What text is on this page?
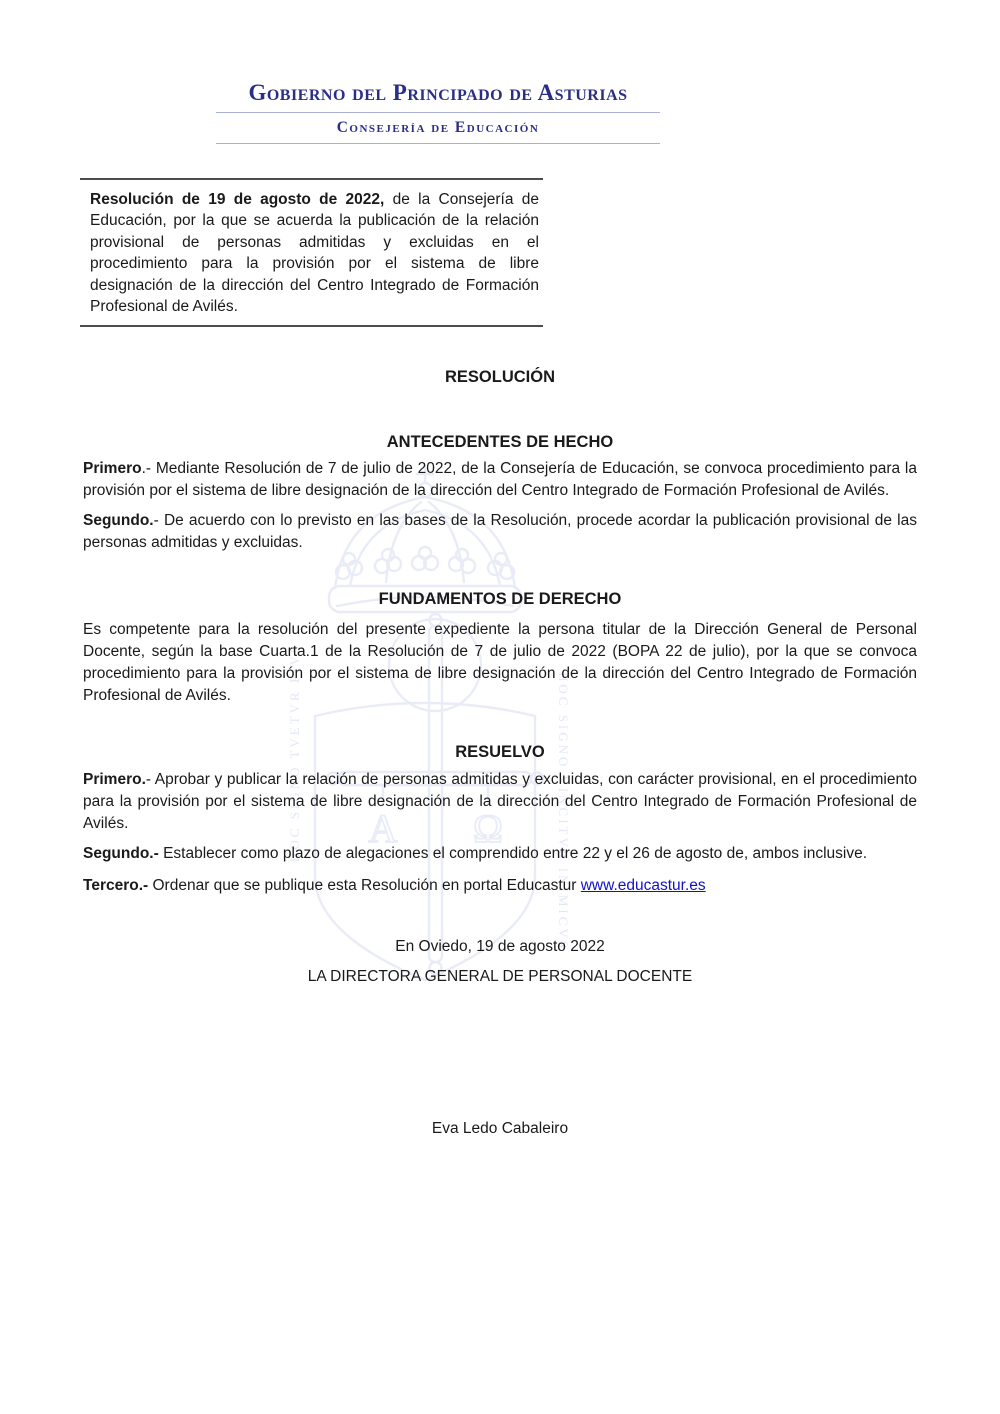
Α Ω
HOC SIGNO TVETVR PIVS	HOC SIGNO VINCITVR INIMICVS
Gobierno del Principado de Asturias
Consejería de Educación

Resolución de 19 de agosto de 2022, de la Consejería de Educación, por la que se acuerda la publicación de la relación provisional de personas admitidas y excluidas en el procedimiento para la provisión por el sistema de libre designación de la dirección del Centro Integrado de Formación Profesional de Avilés.

RESOLUCIÓN
ANTECEDENTES DE HECHO

Primero.- Mediante Resolución de 7 de julio de 2022, de la Consejería de Educación, se convoca procedimiento para la provisión por el sistema de libre designación de la dirección del Centro Integrado de Formación Profesional de Avilés.

Segundo.- De acuerdo con lo previsto en las bases de la Resolución, procede acordar la publicación provisional de las personas admitidas y excluidas.

FUNDAMENTOS DE DERECHO

Es competente para la resolución del presente expediente la persona titular de la Dirección General de Personal Docente, según la base Cuarta.1 de la Resolución de 7 de julio de 2022 (BOPA 22 de julio), por la que se convoca procedimiento para la provisión por el sistema de libre designación de la dirección del Centro Integrado de Formación Profesional de Avilés.

RESUELVO

Primero.- Aprobar y publicar la relación de personas admitidas y excluidas, con carácter provisional, en el procedimiento para la provisión por el sistema de libre designación de la dirección del Centro Integrado de Formación Profesional de Avilés.

Segundo.- Establecer como plazo de alegaciones el comprendido entre 22 y el 26 de agosto de, ambos inclusive.

Tercero.- Ordenar que se publique esta Resolución en portal Educastur www.educastur.es

En Oviedo, 19 de agosto 2022

LA DIRECTORA GENERAL DE PERSONAL DOCENTE

Eva Ledo Cabaleiro
